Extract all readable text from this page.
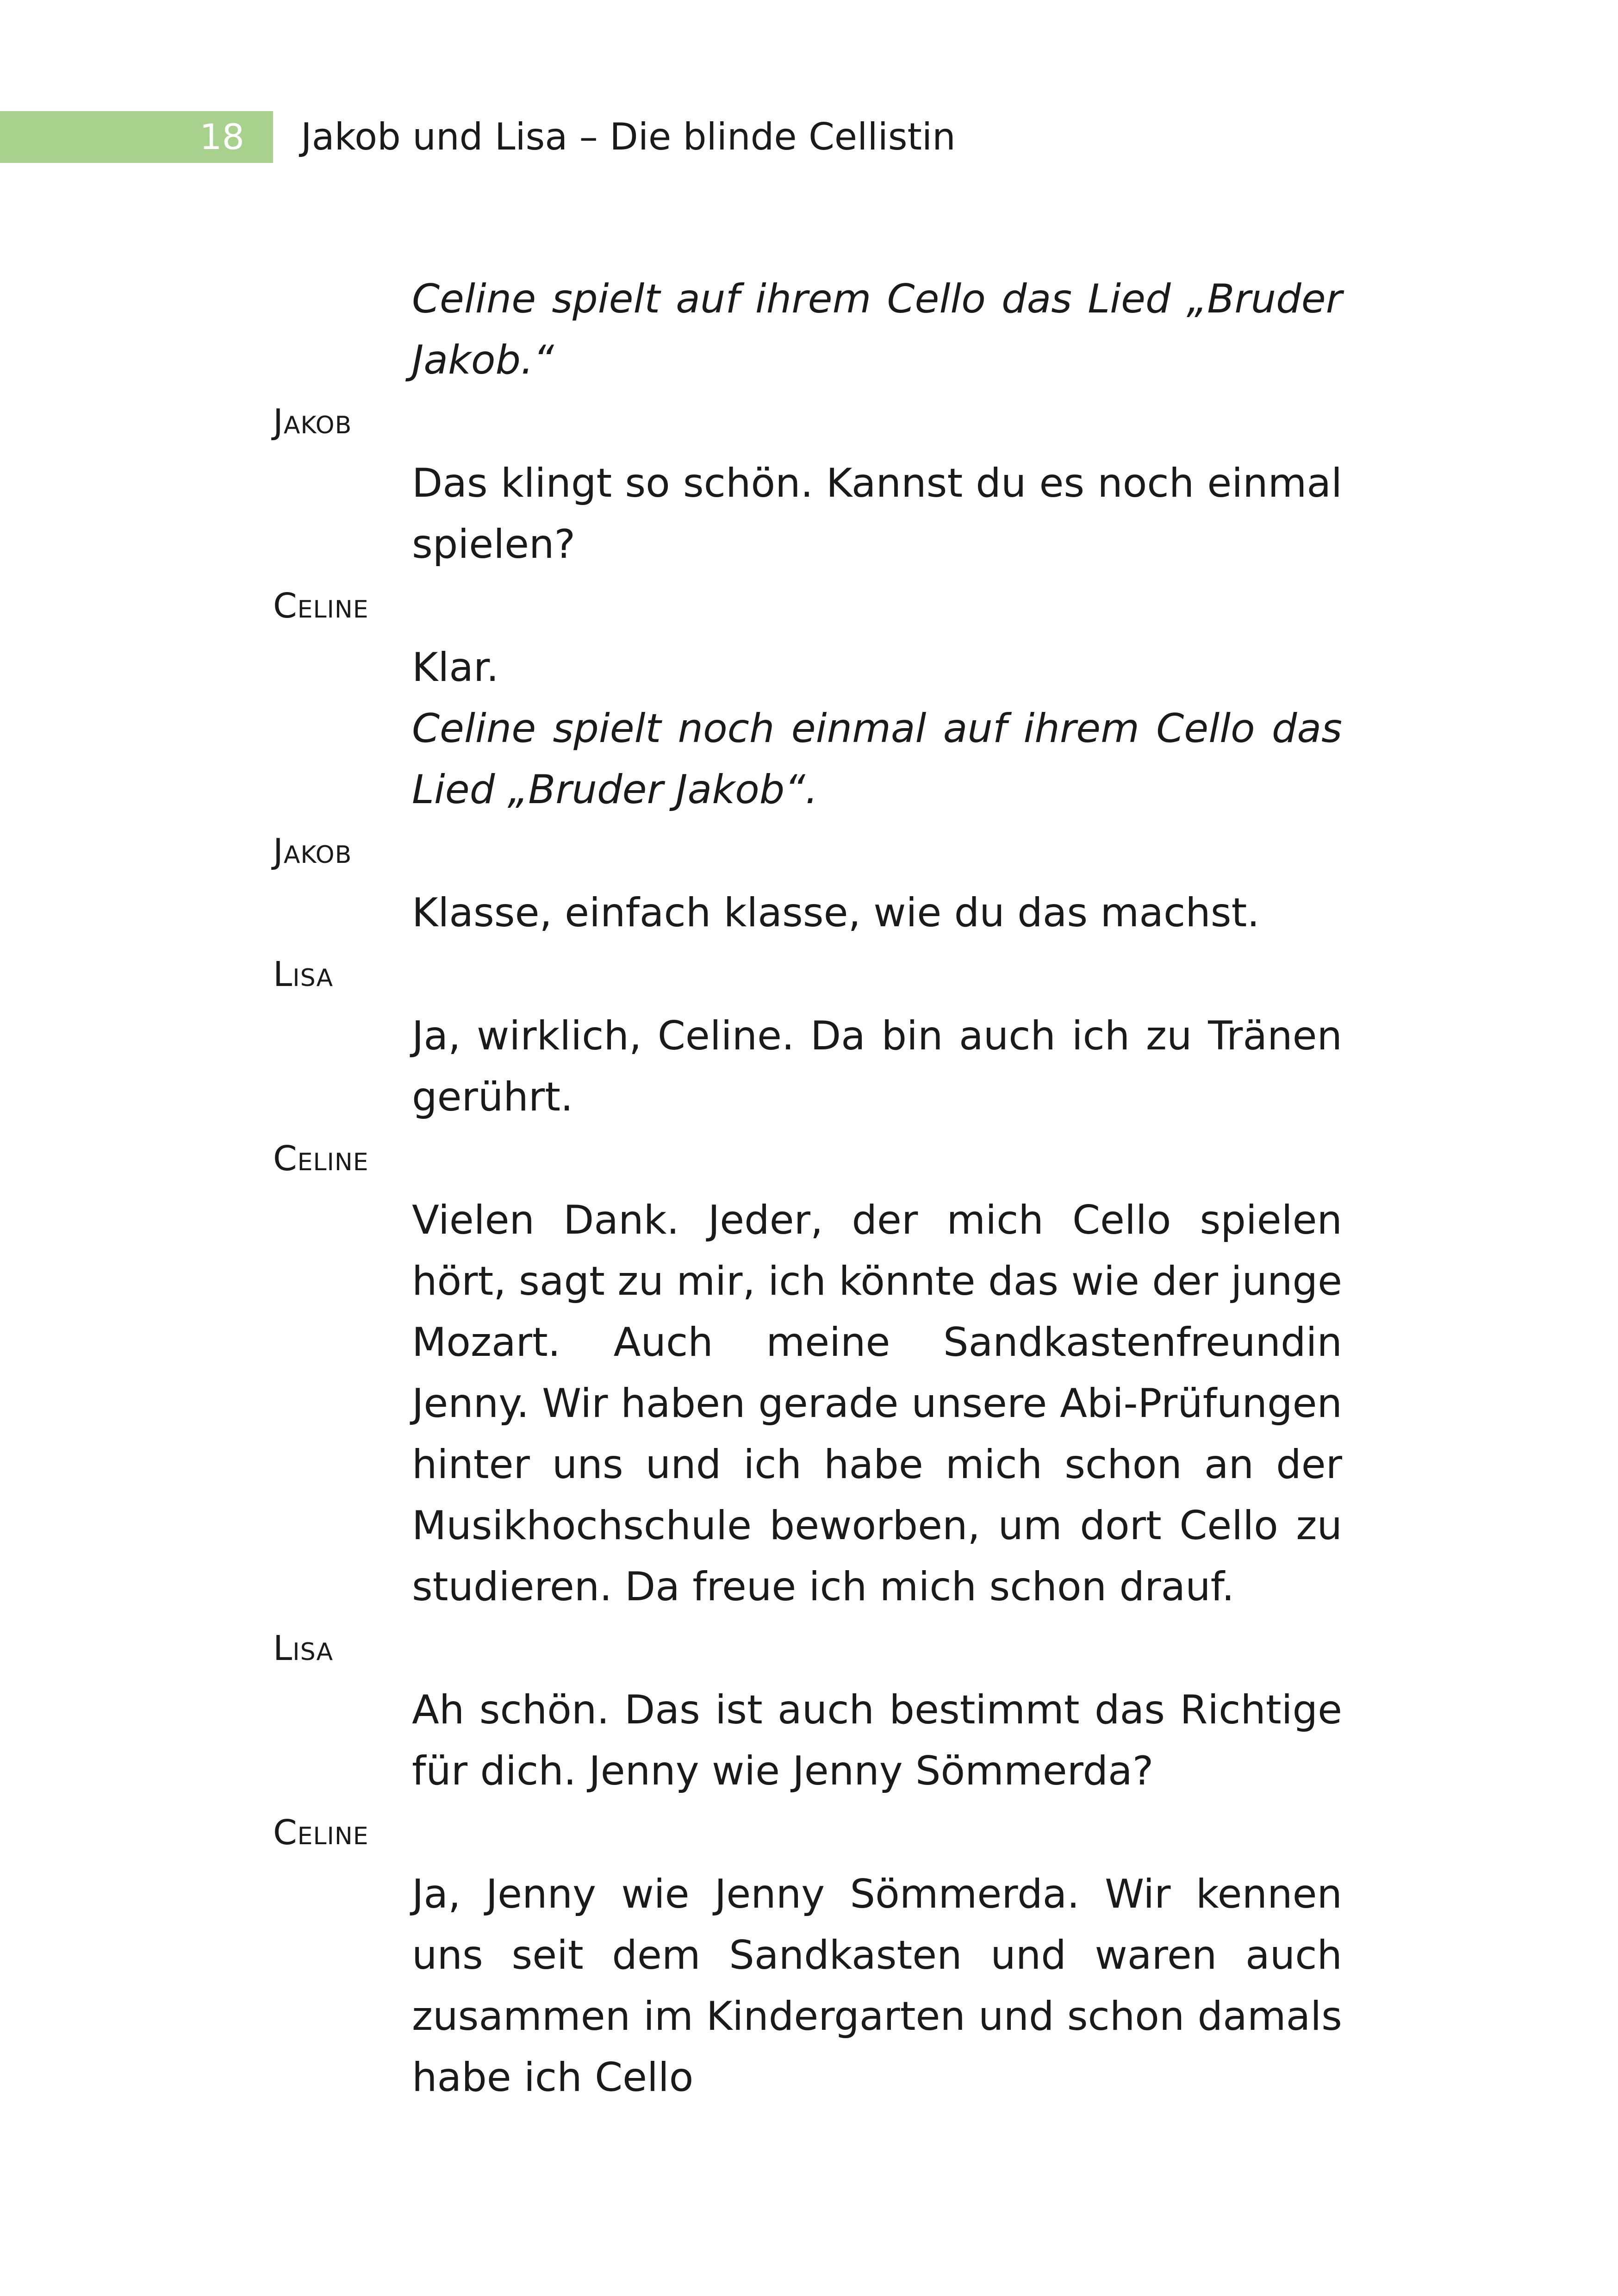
18 Jakob und Lisa – Die blinde Cellistin
Celine spielt auf ihrem Cello das Lied „Bruder Jakob.“
Jakob
Das klingt so schön. Kannst du es noch einmal spielen?
Celine
Klar.
Celine spielt noch einmal auf ihrem Cello das Lied „Bruder Jakob“.
Jakob
Klasse, einfach klasse, wie du das machst.
Lisa
Ja, wirklich, Celine. Da bin auch ich zu Tränen gerührt.
Celine
Vielen Dank. Jeder, der mich Cello spielen hört, sagt zu mir, ich könnte das wie der junge Mozart. Auch meine Sandkastenfreundin Jenny. Wir haben gerade unsere Abi-Prüfungen hinter uns und ich habe mich schon an der Musikhochschule beworben, um dort Cello zu studieren. Da freue ich mich schon drauf.
Lisa
Ah schön. Das ist auch bestimmt das Richtige für dich. Jenny wie Jenny Sömmerda?
Celine
Ja, Jenny wie Jenny Sömmerda. Wir kennen uns seit dem Sandkasten und waren auch zusammen im Kindergarten und schon damals habe ich Cello
